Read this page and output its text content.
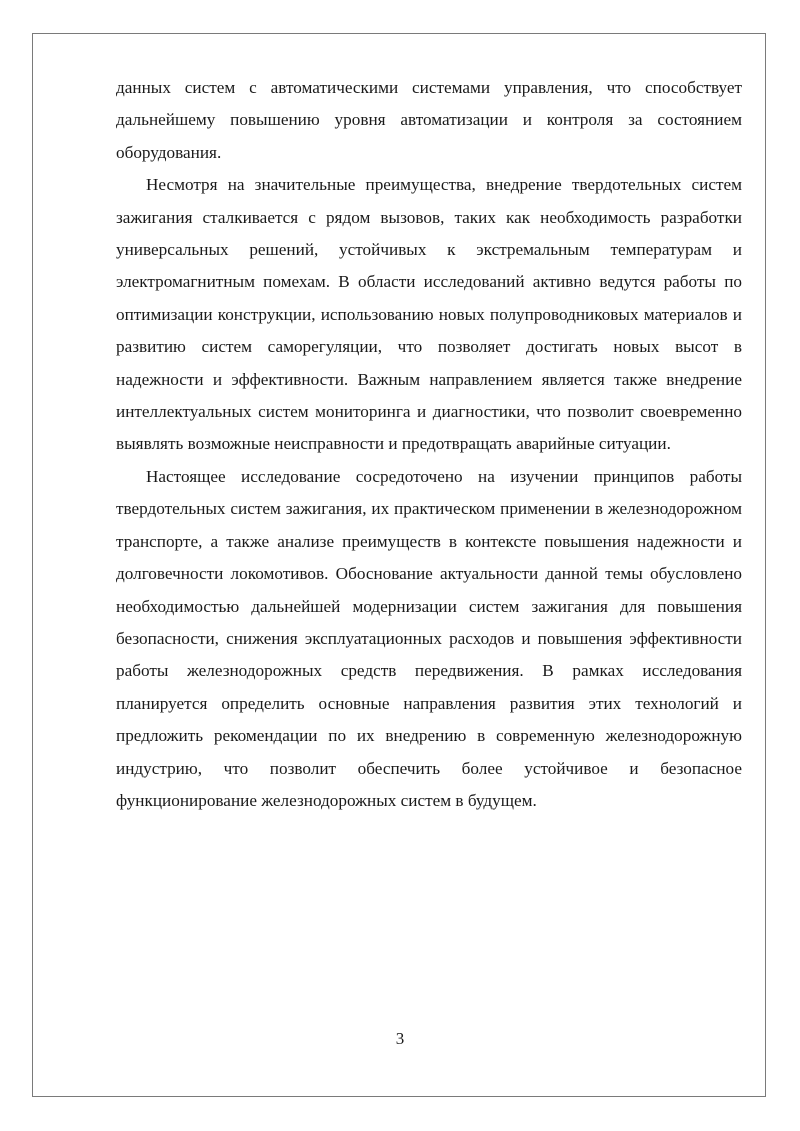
данных систем с автоматическими системами управления, что способствует дальнейшему повышению уровня автоматизации и контроля за состоянием оборудования.

Несмотря на значительные преимущества, внедрение твердотельных систем зажигания сталкивается с рядом вызовов, таких как необходимость разработки универсальных решений, устойчивых к экстремальным температурам и электромагнитным помехам. В области исследований активно ведутся работы по оптимизации конструкции, использованию новых полупроводниковых материалов и развитию систем саморегуляции, что позволяет достигать новых высот в надежности и эффективности. Важным направлением является также внедрение интеллектуальных систем мониторинга и диагностики, что позволит своевременно выявлять возможные неисправности и предотвращать аварийные ситуации.

Настоящее исследование сосредоточено на изучении принципов работы твердотельных систем зажигания, их практическом применении в железнодорожном транспорте, а также анализе преимуществ в контексте повышения надежности и долговечности локомотивов. Обоснование актуальности данной темы обусловлено необходимостью дальнейшей модернизации систем зажигания для повышения безопасности, снижения эксплуатационных расходов и повышения эффективности работы железнодорожных средств передвижения. В рамках исследования планируется определить основные направления развития этих технологий и предложить рекомендации по их внедрению в современную железнодорожную индустрию, что позволит обеспечить более устойчивое и безопасное функционирование железнодорожных систем в будущем.

3
